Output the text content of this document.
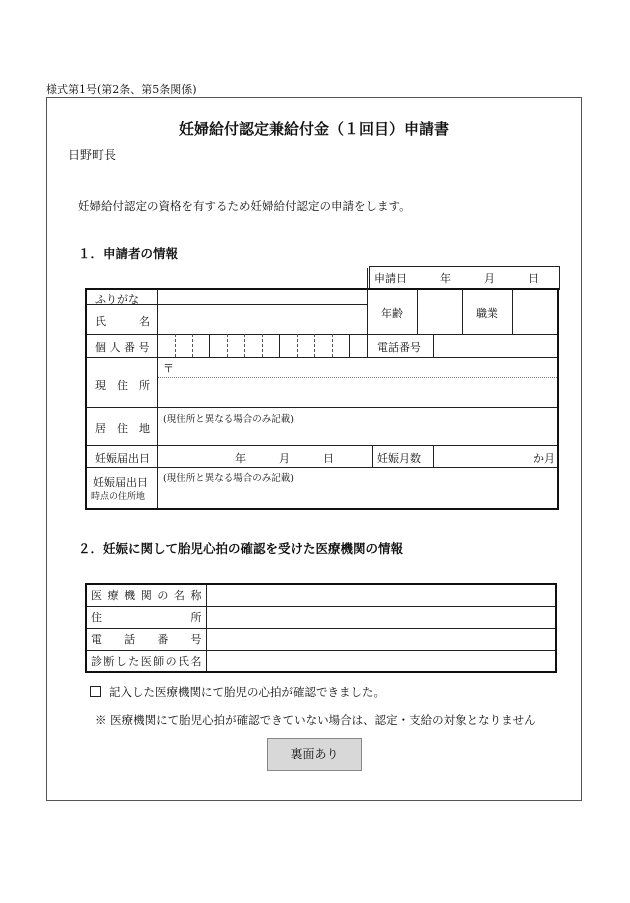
様式第1号(第2条、第5条関係)
妊婦給付認定兼給付金（１回目）申請書
日野町長
妊婦給付認定の資格を有するため妊婦給付認定の申請をします。
１．申請者の情報
申請日　　　年　　　月　　　日
ふりがな
氏　　　名
年齢	職業
個 人 番 号	電話番号
〒
現　住　所
居　住　地
(現住所と異なる場合のみ記載)
妊娠届出日	年　　　月　　　日	妊娠月数	か月
妊娠届出日
時点の住所地
(現住所と異なる場合のみ記載)
２．妊娠に関して胎児心拍の確認を受けた医療機関の情報
医療機関の名称	
住所	
電話番号	
診断した医師の氏名	
記入した医療機関にて胎児の心拍が確認できました。
※ 医療機関にて胎児心拍が確認できていない場合は、認定・支給の対象となりません
裏面あり
